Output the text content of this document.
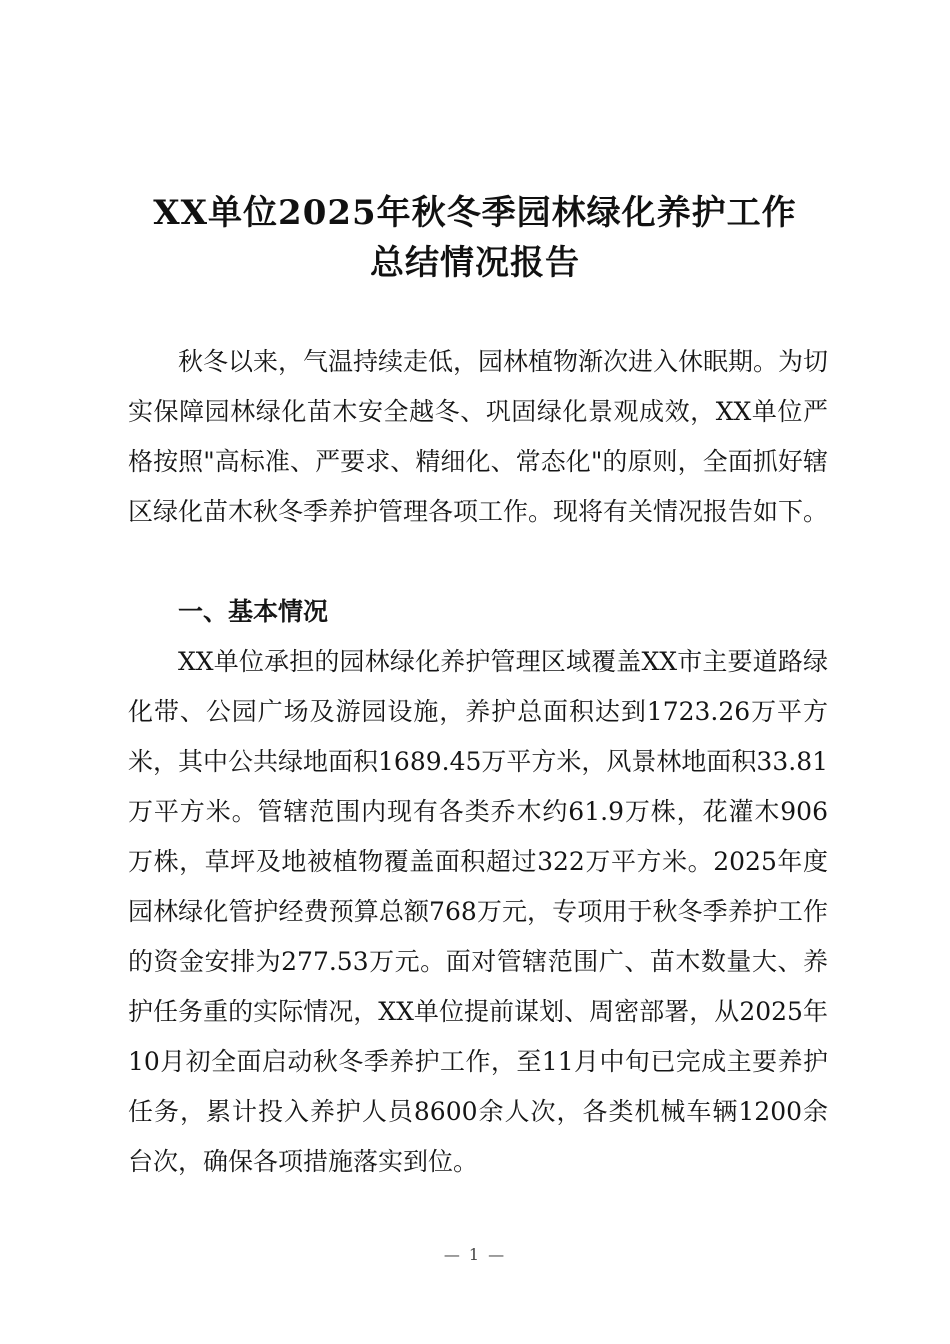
XX单位2025年秋冬季园林绿化养护工作
总结情况报告

秋冬以来，气温持续走低，园林植物渐次进入休眠期。为切实保障园林绿化苗木安全越冬、巩固绿化景观成效，XX单位严格按照"高标准、严要求、精细化、常态化"的原则，全面抓好辖区绿化苗木秋冬季养护管理各项工作。现将有关情况报告如下。

一、基本情况

XX单位承担的园林绿化养护管理区域覆盖XX市主要道路绿化带、公园广场及游园设施，养护总面积达到1723.26万平方米，其中公共绿地面积1689.45万平方米，风景林地面积33.81万平方米。管辖范围内现有各类乔木约61.9万株，花灌木906万株，草坪及地被植物覆盖面积超过322万平方米。2025年度园林绿化管护经费预算总额768万元，专项用于秋冬季养护工作的资金安排为277.53万元。面对管辖范围广、苗木数量大、养护任务重的实际情况，XX单位提前谋划、周密部署，从2025年10月初全面启动秋冬季养护工作，至11月中旬已完成主要养护任务，累计投入养护人员8600余人次，各类机械车辆1200余台次，确保各项措施落实到位。

— 1 —
